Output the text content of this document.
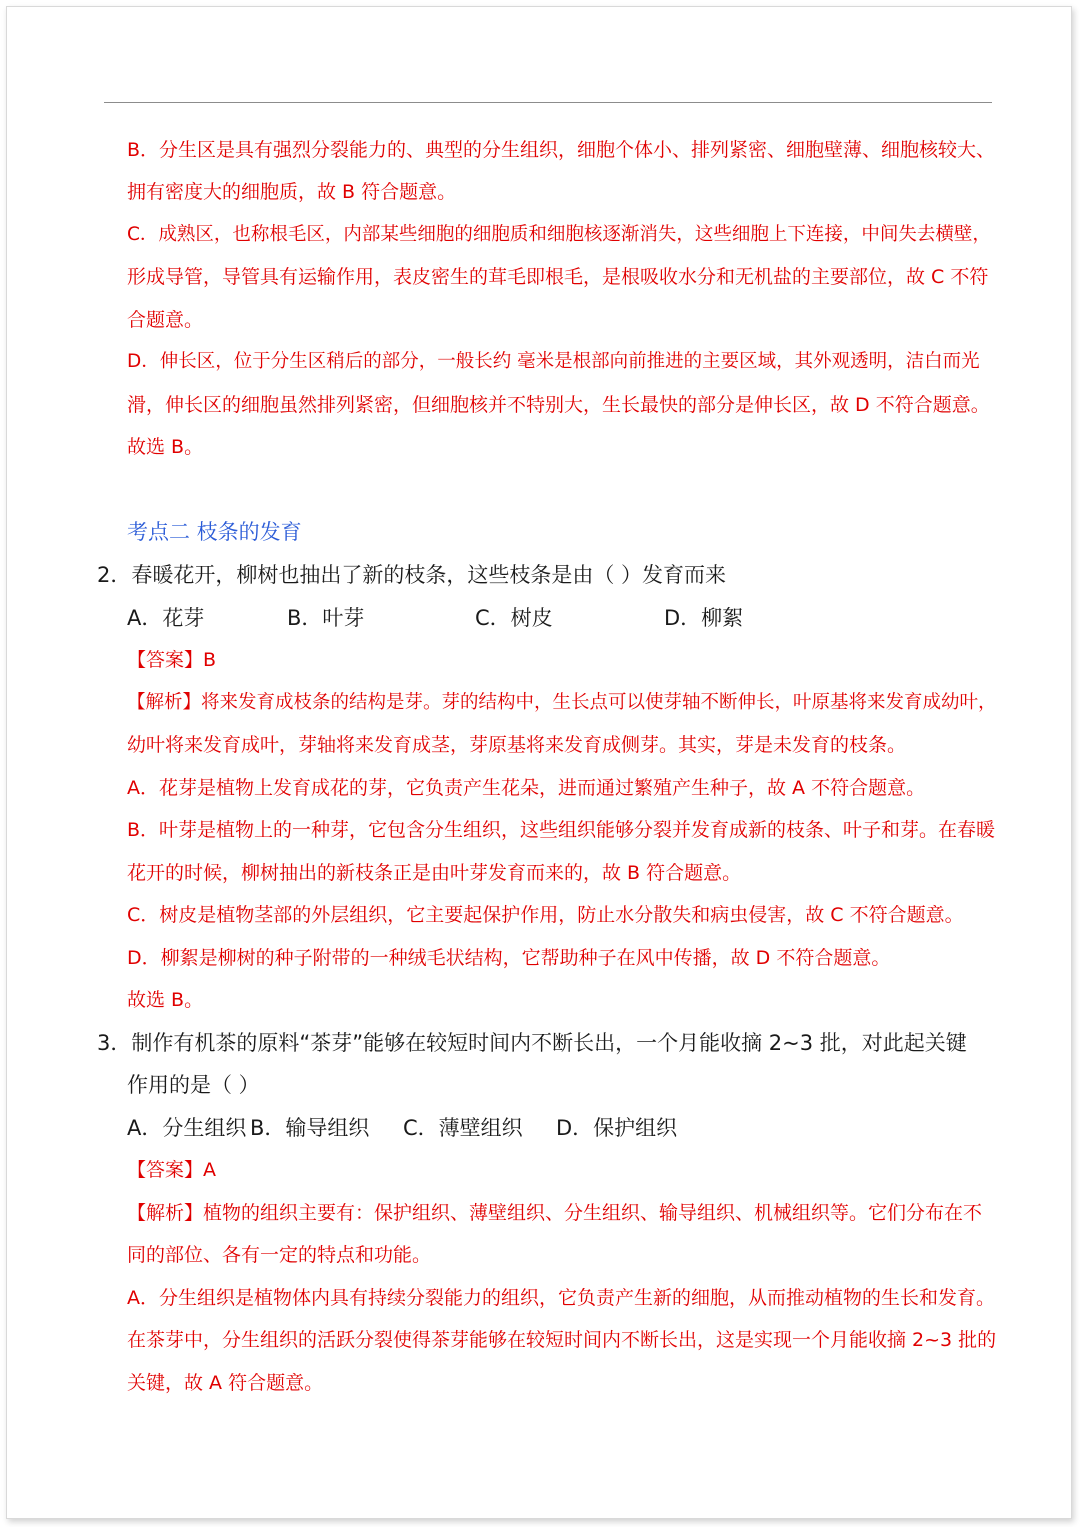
B．分生区是具有强烈分裂能力的、典型的分生组织，细胞个体小、排列紧密、细胞壁薄、细胞核较大、
拥有密度大的细胞质，故 B 符合题意。
C．成熟区，也称根毛区，内部某些细胞的细胞质和细胞核逐渐消失，这些细胞上下连接，中间失去横壁，
形成导管，导管具有运输作用，表皮密生的茸毛即根毛，是根吸收水分和无机盐的主要部位，故 C 不符
合题意。
D．伸长区，位于分生区稍后的部分，一般长约 毫米是根部向前推进的主要区域，其外观透明，洁白而光
滑，伸长区的细胞虽然排列紧密，但细胞核并不特别大，生长最快的部分是伸长区，故 D 不符合题意。
故选 B。
考点二 枝条的发育
2．春暖花开，柳树也抽出了新的枝条，这些枝条是由（ ）发育而来
A．花芽	B．叶芽	C．树皮	D．柳絮
【答案】B
【解析】将来发育成枝条的结构是芽。芽的结构中，生长点可以使芽轴不断伸长，叶原基将来发育成幼叶，
幼叶将来发育成叶，芽轴将来发育成茎，芽原基将来发育成侧芽。其实，芽是未发育的枝条。
A．花芽是植物上发育成花的芽，它负责产生花朵，进而通过繁殖产生种子，故 A 不符合题意。
B．叶芽是植物上的一种芽，它包含分生组织，这些组织能够分裂并发育成新的枝条、叶子和芽。在春暖
花开的时候，柳树抽出的新枝条正是由叶芽发育而来的，故 B 符合题意。
C．树皮是植物茎部的外层组织，它主要起保护作用，防止水分散失和病虫侵害，故 C 不符合题意。
D．柳絮是柳树的种子附带的一种绒毛状结构，它帮助种子在风中传播，故 D 不符合题意。
故选 B。
3．制作有机茶的原料“茶芽”能够在较短时间内不断长出，一个月能收摘 2~3 批，对此起关键
作用的是（ ）
A．分生组织 B．输导组织 C．薄壁组织 D．保护组织
【答案】A
【解析】植物的组织主要有：保护组织、薄壁组织、分生组织、输导组织、机械组织等。它们分布在不
同的部位、各有一定的特点和功能。
A．分生组织是植物体内具有持续分裂能力的组织，它负责产生新的细胞，从而推动植物的生长和发育。
在茶芽中，分生组织的活跃分裂使得茶芽能够在较短时间内不断长出，这是实现一个月能收摘 2~3 批的
关键，故 A 符合题意。
